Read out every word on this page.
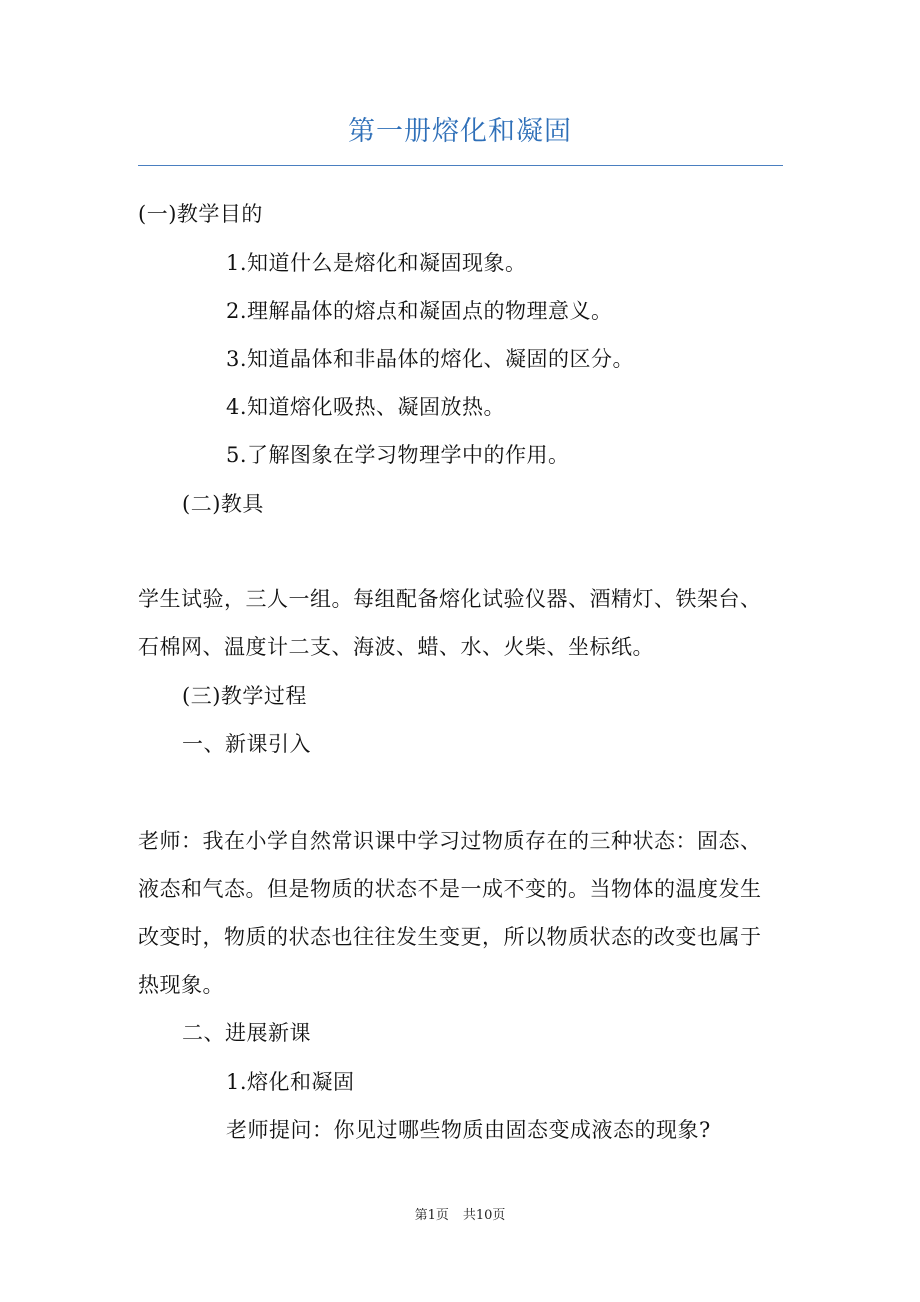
第一册熔化和凝固
(一)教学目的
1.知道什么是熔化和凝固现象。
2.理解晶体的熔点和凝固点的物理意义。
3.知道晶体和非晶体的熔化、凝固的区分。
4.知道熔化吸热、凝固放热。
5.了解图象在学习物理学中的作用。
(二)教具
学生试验，三人一组。每组配备熔化试验仪器、酒精灯、铁架台、
石棉网、温度计二支、海波、蜡、水、火柴、坐标纸。
(三)教学过程
一、新课引入
老师：我在小学自然常识课中学习过物质存在的三种状态：固态、
液态和气态。但是物质的状态不是一成不变的。当物体的温度发生
改变时，物质的状态也往往发生变更，所以物质状态的改变也属于
热现象。
二、进展新课
1.熔化和凝固
老师提问：你见过哪些物质由固态变成液态的现象?
第1页 共10页
